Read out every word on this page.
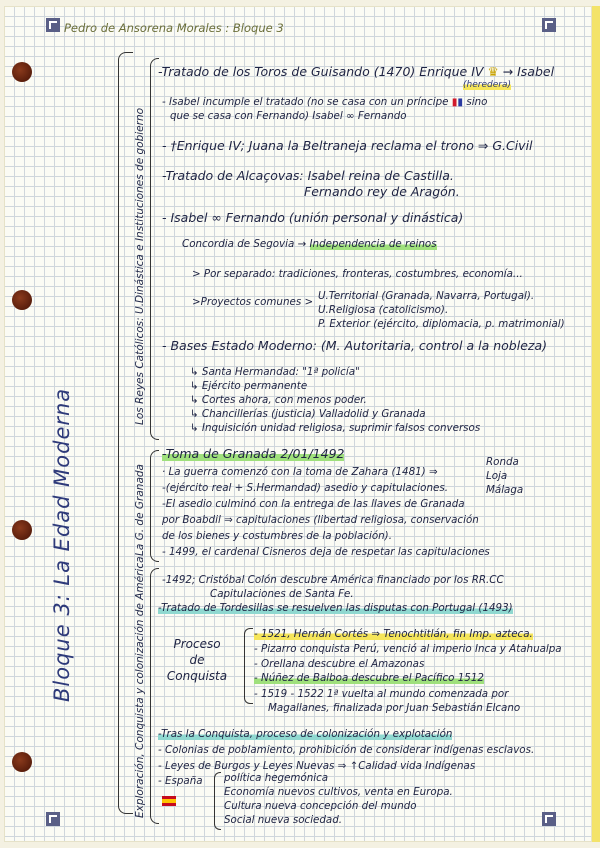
Pedro de Ansorena Morales : Bloque 3
Bloque 3: La Edad Moderna
Los Reyes Católicos: U.Dinástica e Instituciones de gobierno
La G. de Granada
Exploración, Conquista y colonización de América
-Tratado de los Toros de Guisando (1470) Enrique IV ♛ → Isabel
(heredera)
- Isabel incumple el tratado (no se casa con un príncipe ▮▮ sino
que se casa con Fernando) Isabel ∞ Fernando
- †Enrique IV; Juana la Beltraneja reclama el trono ⇒ G.Civil
-Tratado de Alcaçovas: Isabel reina de Castilla.
Fernando rey de Aragón.
- Isabel ∞ Fernando (unión personal y dinástica)
Concordia de Segovia → Independencia de reinos
> Por separado: tradiciones, fronteras, costumbres, economía...
>Proyectos comunes > U.Territorial (Granada, Navarra, Portugal).
U.Religiosa (catolicismo).
P. Exterior (ejército, diplomacia, p. matrimonial)
- Bases Estado Moderno: (M. Autoritaria, control a la nobleza)
↳ Santa Hermandad: "1ª policía"
↳ Ejército permanente
↳ Cortes ahora, con menos poder.
↳ Chancillerías (justicia) Valladolid y Granada
↳ Inquisición unidad religiosa, suprimir falsos conversos
-Toma de Granada 2/01/1492
· La guerra comenzó con la toma de Zahara (1481) ⇒
Ronda
Loja
Málaga
-(ejército real + S.Hermandad) asedio y capitulaciones.
-El asedio culminó con la entrega de las llaves de Granada
por Boabdil ⇒ capitulaciones (libertad religiosa, conservación
de los bienes y costumbres de la población).
- 1499, el cardenal Cisneros deja de respetar las capitulaciones
-1492; Cristóbal Colón descubre América financiado por los RR.CC
Capitulaciones de Santa Fe.
-Tratado de Tordesillas se resuelven las disputas con Portugal (1493)
Proceso
de
Conquista
- 1521, Hernán Cortés ⇒ Tenochtitlán, fin Imp. azteca.
- Pizarro conquista Perú, venció al imperio Inca y Atahualpa
- Orellana descubre el Amazonas
- Núñez de Balboa descubre el Pacífico 1512
- 1519 - 1522 1ª vuelta al mundo comenzada por
Magallanes, finalizada por Juan Sebastián Elcano
-Tras la Conquista, proceso de colonización y explotación
- Colonias de poblamiento, prohibición de considerar indígenas esclavos.
- Leyes de Burgos y Leyes Nuevas ⇒ ↑Calidad vida Indígenas
- España política hegemónica
Economía nuevos cultivos, venta en Europa.
Cultura nueva concepción del mundo
Social nueva sociedad.
